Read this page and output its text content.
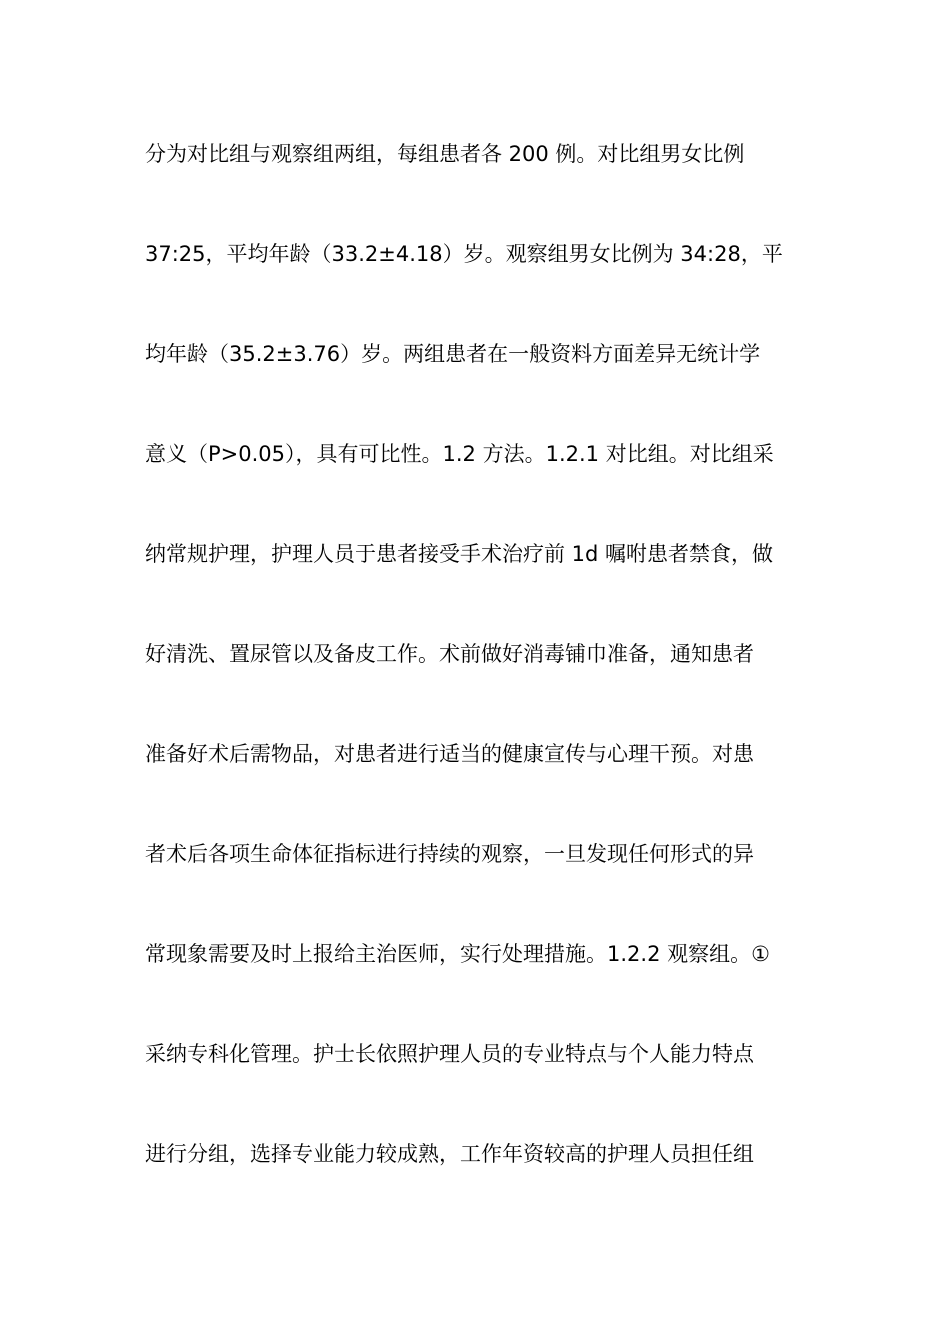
分为对比组与观察组两组，每组患者各 200 例。对比组男女比例
37:25，平均年龄（33.2±4.18）岁。观察组男女比例为 34:28，平
均年龄（35.2±3.76）岁。两组患者在一般资料方面差异无统计学
意义（P>0.05），具有可比性。1.2 方法。1.2.1 对比组。对比组采
纳常规护理，护理人员于患者接受手术治疗前 1d 嘱咐患者禁食，做
好清洗、置尿管以及备皮工作。术前做好消毒铺巾准备，通知患者
准备好术后需物品，对患者进行适当的健康宣传与心理干预。对患
者术后各项生命体征指标进行持续的观察，一旦发现任何形式的异
常现象需要及时上报给主治医师，实行处理措施。1.2.2 观察组。①
采纳专科化管理。护士长依照护理人员的专业特点与个人能力特点
进行分组，选择专业能力较成熟，工作年资较高的护理人员担任组
